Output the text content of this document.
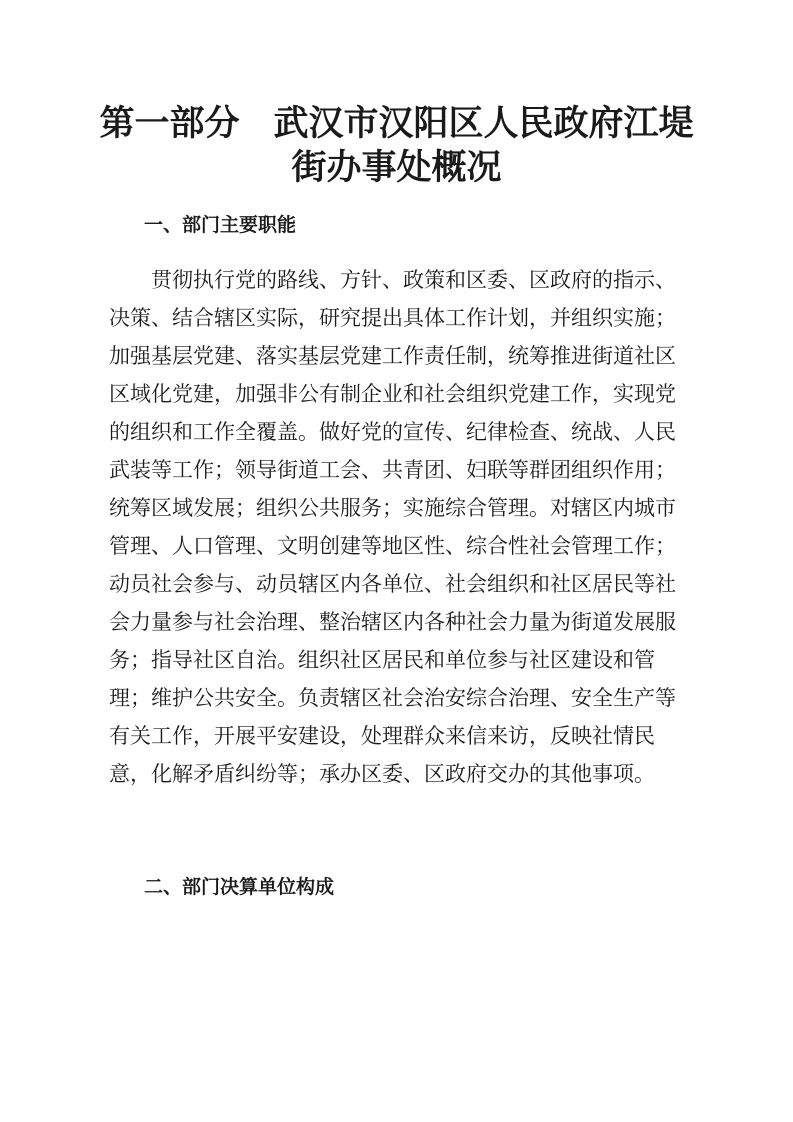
第一部分 武汉市汉阳区人民政府江堤
街办事处概况
一、部门主要职能

贯彻执行党的路线、方针、政策和区委、区政府的指示、

决策、结合辖区实际，研究提出具体工作计划，并组织实施；

加强基层党建、落实基层党建工作责任制，统筹推进街道社区

区域化党建，加强非公有制企业和社会组织党建工作，实现党

的组织和工作全覆盖。做好党的宣传、纪律检查、统战、人民

武装等工作；领导街道工会、共青团、妇联等群团组织作用；

统筹区域发展；组织公共服务；实施综合管理。对辖区内城市

管理、人口管理、文明创建等地区性、综合性社会管理工作；

动员社会参与、动员辖区内各单位、社会组织和社区居民等社

会力量参与社会治理、整治辖区内各种社会力量为街道发展服

务；指导社区自治。组织社区居民和单位参与社区建设和管

理；维护公共安全。负责辖区社会治安综合治理、安全生产等

有关工作，开展平安建设，处理群众来信来访，反映社情民

意，化解矛盾纠纷等；承办区委、区政府交办的其他事项。

二、部门决算单位构成
